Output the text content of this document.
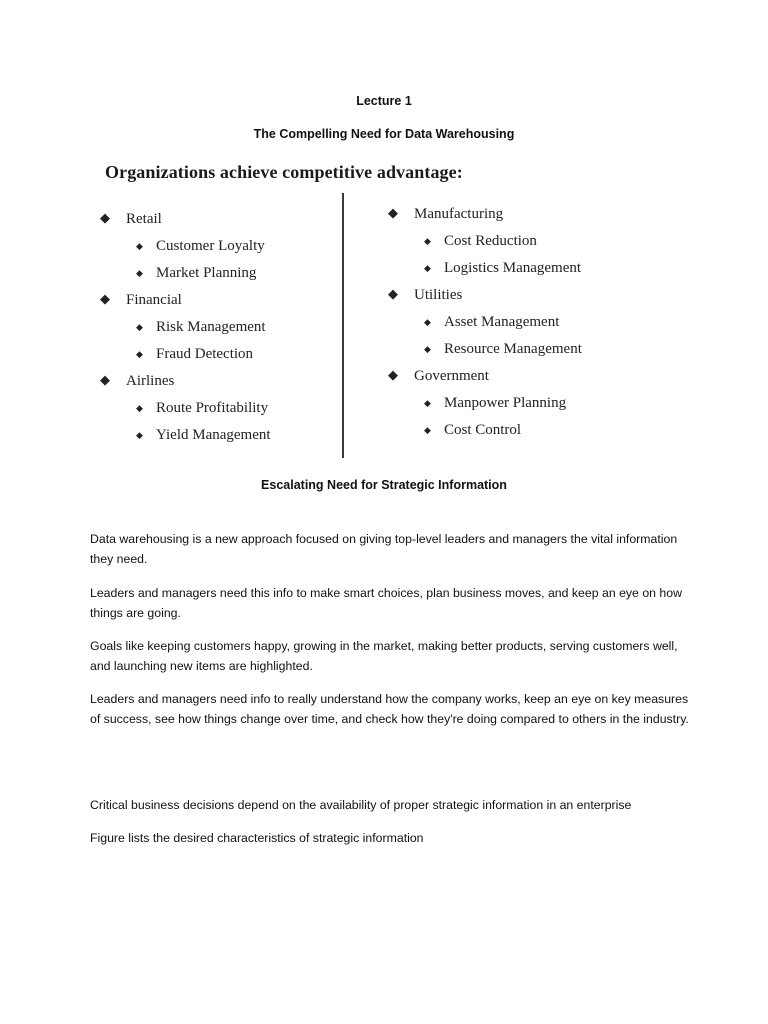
Lecture 1
The Compelling Need for Data Warehousing
Organizations achieve competitive advantage:
◆ Retail
◆ Customer Loyalty
◆ Market Planning
◆ Financial
◆ Risk Management
◆ Fraud Detection
◆ Airlines
◆ Route Profitability
◆ Yield Management
◆ Manufacturing
◆ Cost Reduction
◆ Logistics Management
◆ Utilities
◆ Asset Management
◆ Resource Management
◆ Government
◆ Manpower Planning
◆ Cost Control
Escalating Need for Strategic Information

Data warehousing is a new approach focused on giving top-level leaders and managers the vital information they need.

Leaders and managers need this info to make smart choices, plan business moves, and keep an eye on how things are going.

Goals like keeping customers happy, growing in the market, making better products, serving customers well, and launching new items are highlighted.

Leaders and managers need info to really understand how the company works, keep an eye on key measures of success, see how things change over time, and check how they're doing compared to others in the industry.

Critical business decisions depend on the availability of proper strategic information in an enterprise

Figure lists the desired characteristics of strategic information
